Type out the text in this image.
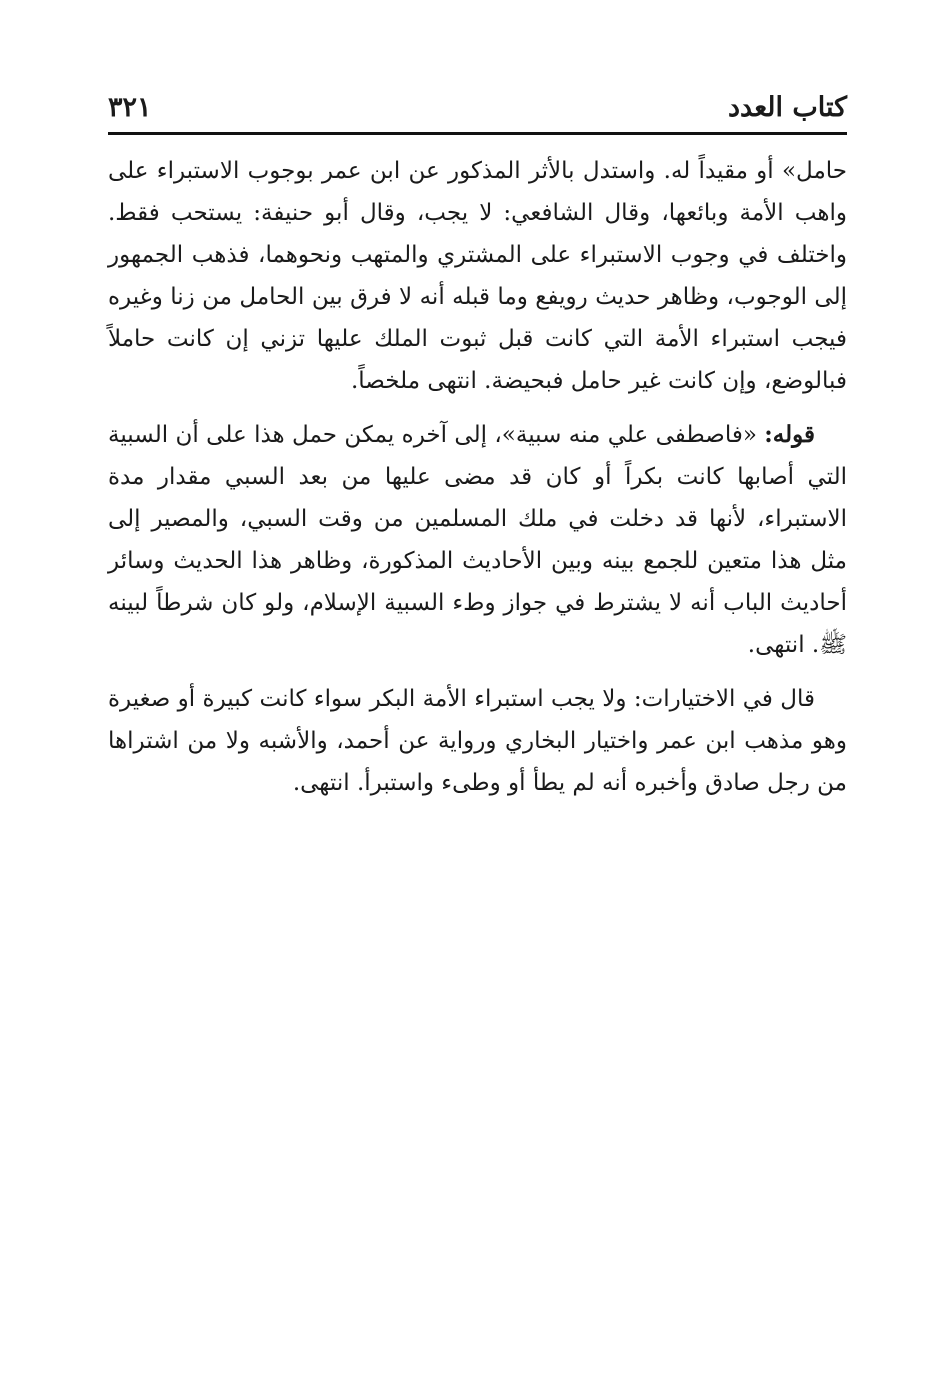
كتاب العدد
٣٢١

حامل» أو مقيداً له. واستدل بالأثر المذكور عن ابن عمر بوجوب الاستبراء على واهب الأمة وبائعها، وقال الشافعي: لا يجب، وقال أبو حنيفة: يستحب فقط. واختلف في وجوب الاستبراء على المشتري والمتهب ونحوهما، فذهب الجمهور إلى الوجوب، وظاهر حديث رويفع وما قبله أنه لا فرق بين الحامل من زنا وغيره فيجب استبراء الأمة التي كانت قبل ثبوت الملك عليها تزني إن كانت حاملاً فبالوضع، وإن كانت غير حامل فبحيضة. انتهى ملخصاً.

قوله: «فاصطفى علي منه سبية»، إلى آخره يمكن حمل هذا على أن السبية التي أصابها كانت بكراً أو كان قد مضى عليها من بعد السبي مقدار مدة الاستبراء، لأنها قد دخلت في ملك المسلمين من وقت السبي، والمصير إلى مثل هذا متعين للجمع بينه وبين الأحاديث المذكورة، وظاهر هذا الحديث وسائر أحاديث الباب أنه لا يشترط في جواز وطء السبية الإسلام، ولو كان شرطاً لبينه ﷺ. انتهى.

قال في الاختيارات: ولا يجب استبراء الأمة البكر سواء كانت كبيرة أو صغيرة وهو مذهب ابن عمر واختيار البخاري ورواية عن أحمد، والأشبه ولا من اشتراها من رجل صادق وأخبره أنه لم يطأ أو وطىء واستبرأ. انتهى.
